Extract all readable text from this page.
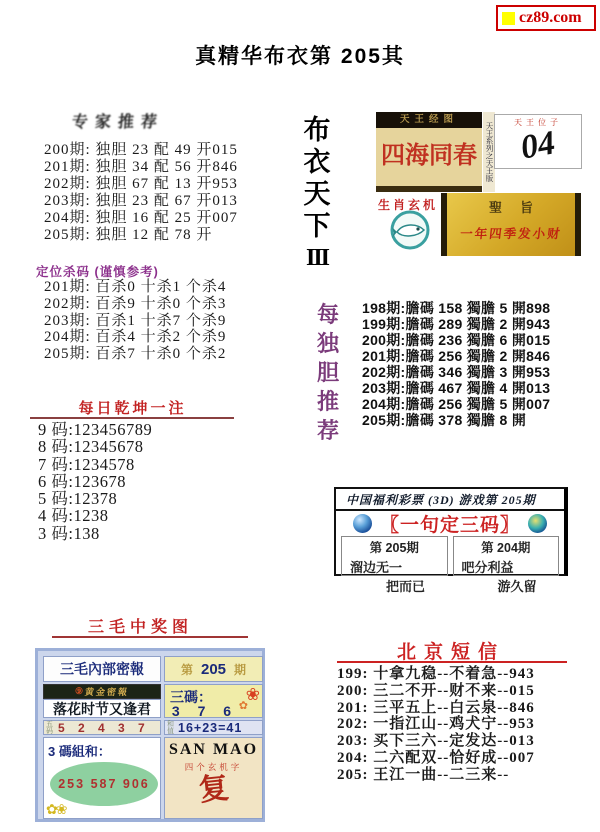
cz89.com
真精华布衣第 205其
专家推荐
200期: 独胆 23 配 49 开015
201期: 独胆 34 配 56 开846
202期: 独胆 67 配 13 开953
203期: 独胆 23 配 67 开013
204期: 独胆 16 配 25 开007
205期: 独胆 12 配 78 开
定位杀码 (谨慎参考)
201期: 百杀0 十杀1 个杀4
202期: 百杀9 十杀0 个杀3
203期: 百杀1 十杀7 个杀9
204期: 百杀4 十杀2 个杀9
205期: 百杀7 十杀0 个杀2
每日乾坤一注
9 码:123456789
8 码:12345678
7 码:1234578
6 码:123678
5 码:12378
4 码:1238
3 码:138
三毛中奖图
三毛內部密報	第 205 期
⑨ 黄金密報
落花时节又逢君
三碼： ❀
✿
3 7 6
五码 5 2 4 3 7 和值 16+23=41
3 碼組和：
253 587 906
✿❀
SAN MAO
四个玄机字
复
布
衣
天
下
III
天王经图
四海同春	天王系列之天王版	天王位子
04
生肖玄机	聖旨
一年四季发小财
每
独
胆
推
荐
198期:膽碼 158 獨膽 5 開898
199期:膽碼 289 獨膽 2 開943
200期:膽碼 236 獨膽 6 開015
201期:膽碼 256 獨膽 2 開846
202期:膽碼 346 獨膽 3 開953
203期:膽碼 467 獨膽 4 開013
204期:膽碼 256 獨膽 5 開007
205期:膽碼 378 獨膽 8 開
中国福利彩票 (3D) 游戏第 205期
〖一句定三码〗
第 205期
溜边无一
把而已
第 204期
吧分利益
游久留
北京短信
199: 十拿九稳--不着急--943
200: 三二不开--财不来--015
201: 三平五上--白云泉--846
202: 一指江山--鸡犬宁--953
203: 买下三六--定发达--013
204: 二六配双--恰好成--007
205: 王江一曲--二三来--
